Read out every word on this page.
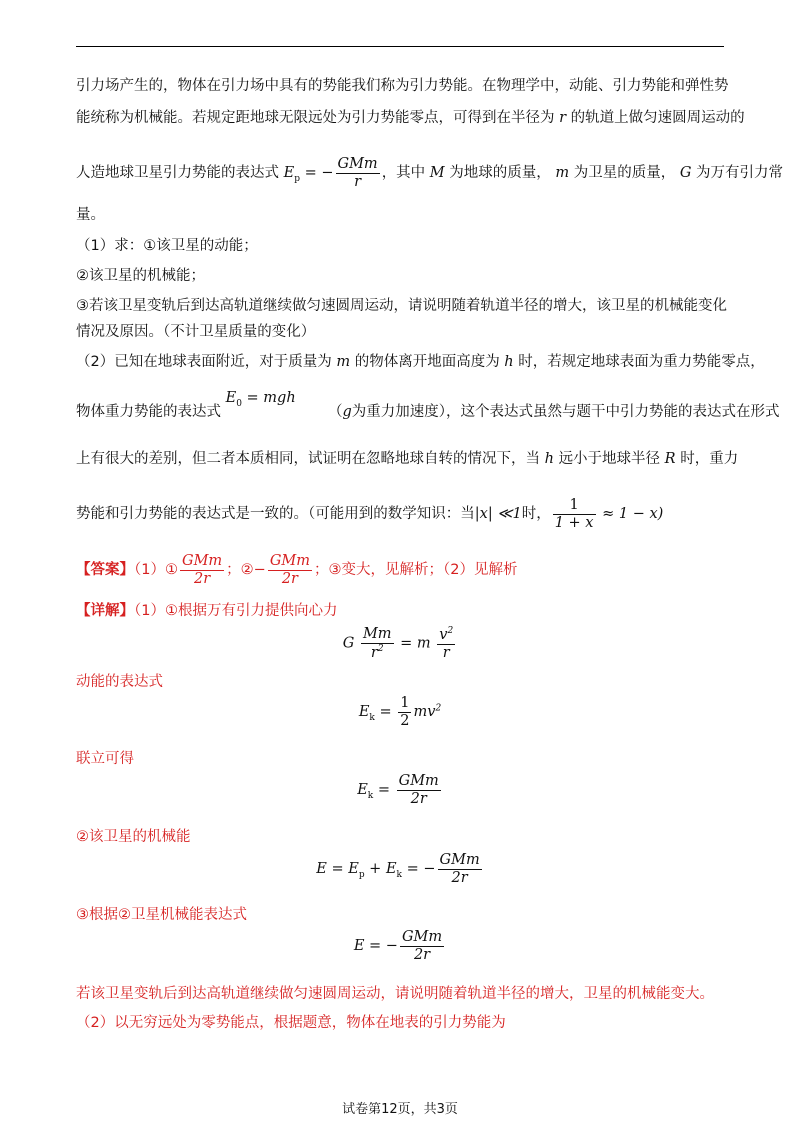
引力场产生的，物体在引力场中具有的势能我们称为引力势能。在物理学中，动能、引力势能和弹性势
能统称为机械能。若规定距地球无限远处为引力势能零点，可得到在半径为 r 的轨道上做匀速圆周运动的
人造地球卫星引力势能的表达式 $E_p$ = − $\frac{\text{GMm}}{r}$ ，其中 M 为地球的质量， m 为卫星的质量， G 为万有引力常
量。
（1）求：①该卫星的动能；
②该卫星的机械能；
③若该卫星变轨后到达高轨道继续做匀速圆周运动，请说明随着轨道半径的增大，该卫星的机械能变化
情况及原因。（不计卫星质量的变化）
（2）已知在地球表面附近，对于质量为 m 的物体离开地面高度为 h 时，若规定地球表面为重力势能零点，
物体重力势能的表达式 $E_0$ = mgh       （g为重力加速度），这个表达式虽然与题干中引力势能的表达式在形式
上有很大的差别，但二者本质相同，试证明在忽略地球自转的情况下，当 h 远小于地球半径 R 时，重力
势能和引力势能的表达式是一致的。（可能用到的数学知识：当|x| ≪1时， $\frac{1}{1 + x} \approx 1 - x$)
【答案】（1）① $\frac{\text{GMm}}{2r}$ ；②− $\frac{\text{GMm}}{2r}$ ；③变大，见解析；（2）见解析
【详解】（1）①根据万有引力提供向心力
G $\frac{Mm}{r^2} = m \frac{v^2}{r}$
动能的表达式
$E_k = \frac{1}{2} mv^2$
联立可得
$E_k = \frac{\text{GMm}}{2r}$
②该卫星的机械能
$E = E_p + E_k$ = − $\frac{\text{GMm}}{2r}$
③根据②卫星机械能表达式
E = − $\frac{\text{GMm}}{2r}$
若该卫星变轨后到达高轨道继续做匀速圆周运动，请说明随着轨道半径的增大，卫星的机械能变大。
（2）以无穷远处为零势能点，根据题意，物体在地表的引力势能为
试卷第12页，共3页
